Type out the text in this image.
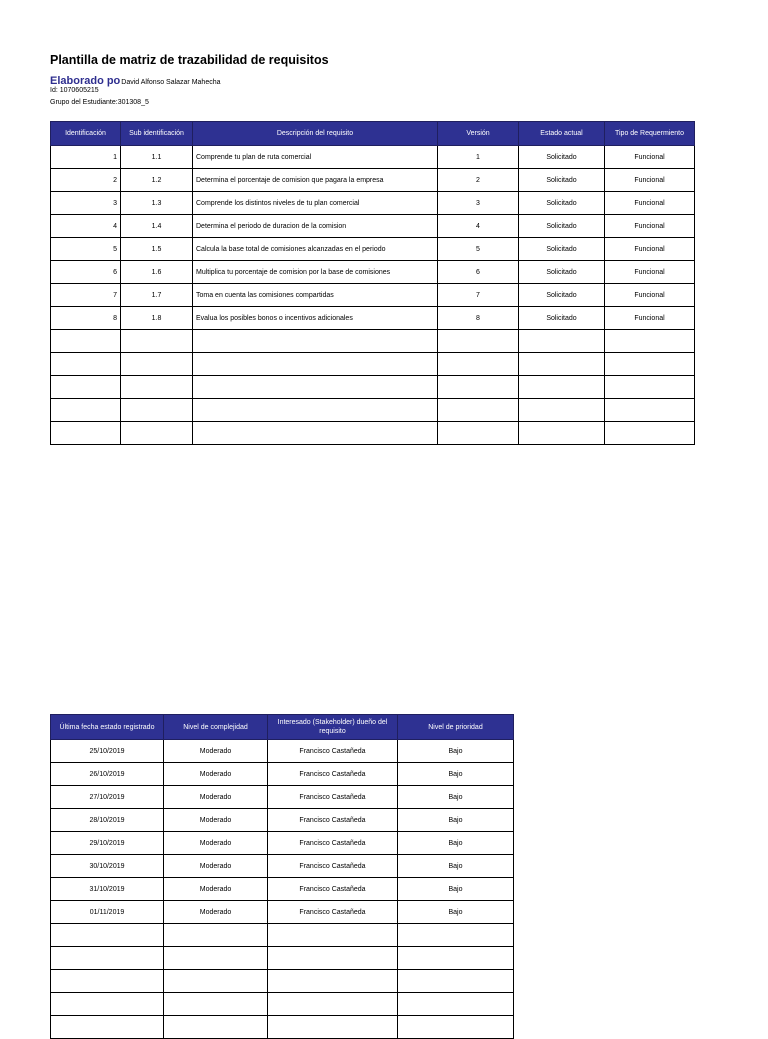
Plantilla de matriz de trazabilidad de requisitos
Elaborado poDavid Alfonso Salazar Mahecha
Id: 1070605215
Grupo del Estudiante:301308_5
Identificación	Sub identificación	Descripción del requisito	Versión	Estado actual	Tipo de Requermiento
1	1.1	Comprende tu plan de ruta comercial	1	Solicitado	Funcional
2	1.2	Determina el porcentaje de comision que pagara la empresa	2	Solicitado	Funcional
3	1.3	Comprende los distintos niveles de tu plan comercial	3	Solicitado	Funcional
4	1.4	Determina el periodo de duracion de la comision	4	Solicitado	Funcional
5	1.5	Calcula la base total de comisiones alcanzadas en el periodo	5	Solicitado	Funcional
6	1.6	Multiplica tu porcentaje de comision por la base de comisiones	6	Solicitado	Funcional
7	1.7	Toma en cuenta las comisiones compartidas	7	Solicitado	Funcional
8	1.8	Evalua los posibles bonos o incentivos adicionales	8	Solicitado	Funcional

Última fecha estado registrado	Nivel de complejidad	Interesado (Stakeholder) dueño del requisito	Nivel de prioridad
25/10/2019	Moderado	Francisco Castañeda	Bajo
26/10/2019	Moderado	Francisco Castañeda	Bajo
27/10/2019	Moderado	Francisco Castañeda	Bajo
28/10/2019	Moderado	Francisco Castañeda	Bajo
29/10/2019	Moderado	Francisco Castañeda	Bajo
30/10/2019	Moderado	Francisco Castañeda	Bajo
31/10/2019	Moderado	Francisco Castañeda	Bajo
01/11/2019	Moderado	Francisco Castañeda	Bajo
